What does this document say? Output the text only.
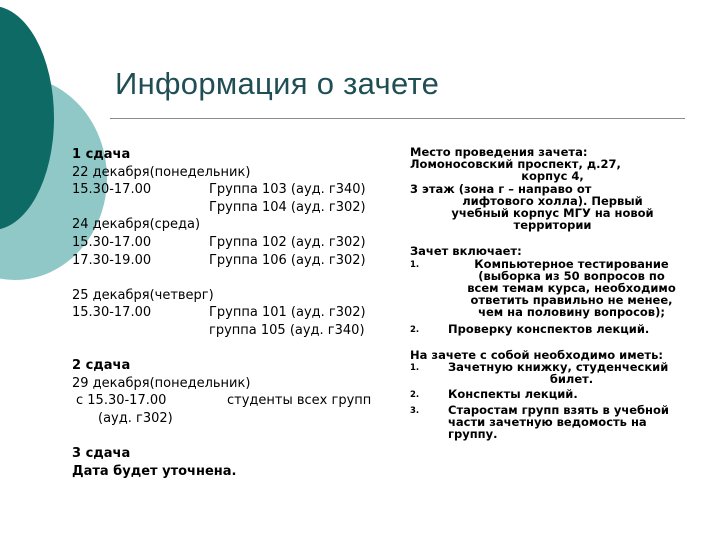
Информация о зачете
1 сдача
22 декабря(понедельник)
15.30-17.00	Группа 103 (ауд. г340)
Группа 104 (ауд. г302)
24 декабря(среда)
15.30-17.00	Группа 102 (ауд. г302)
17.30-19.00	Группа 106 (ауд. г302)
25 декабря(четверг)
15.30-17.00	Группа 101 (ауд. г302)
группа 105 (ауд. г340)
2 сдача
29 декабря(понедельник)
с 15.30-17.00	студенты всех групп
(ауд. г302)
3 сдача
Дата будет уточнена.
Место проведения зачета:
Ломоносовский проспект, д.27,
корпус 4,
3 этаж (зона г – направо от
лифтового холла). Первый
учебный корпус МГУ на новой
территории
Зачет включает:
1.	Компьютерное тестирование
(выборка из 50 вопросов по
всем темам курса, необходимо
ответить правильно не менее,
чем на половину вопросов);
2.	Проверку конспектов лекций.
На зачете с собой необходимо иметь:
1.	Зачетную книжку, студенческий

билет.
2.	Конспекты лекций.
3.	Старостам групп взять в учебной
части зачетную ведомость на
группу.
